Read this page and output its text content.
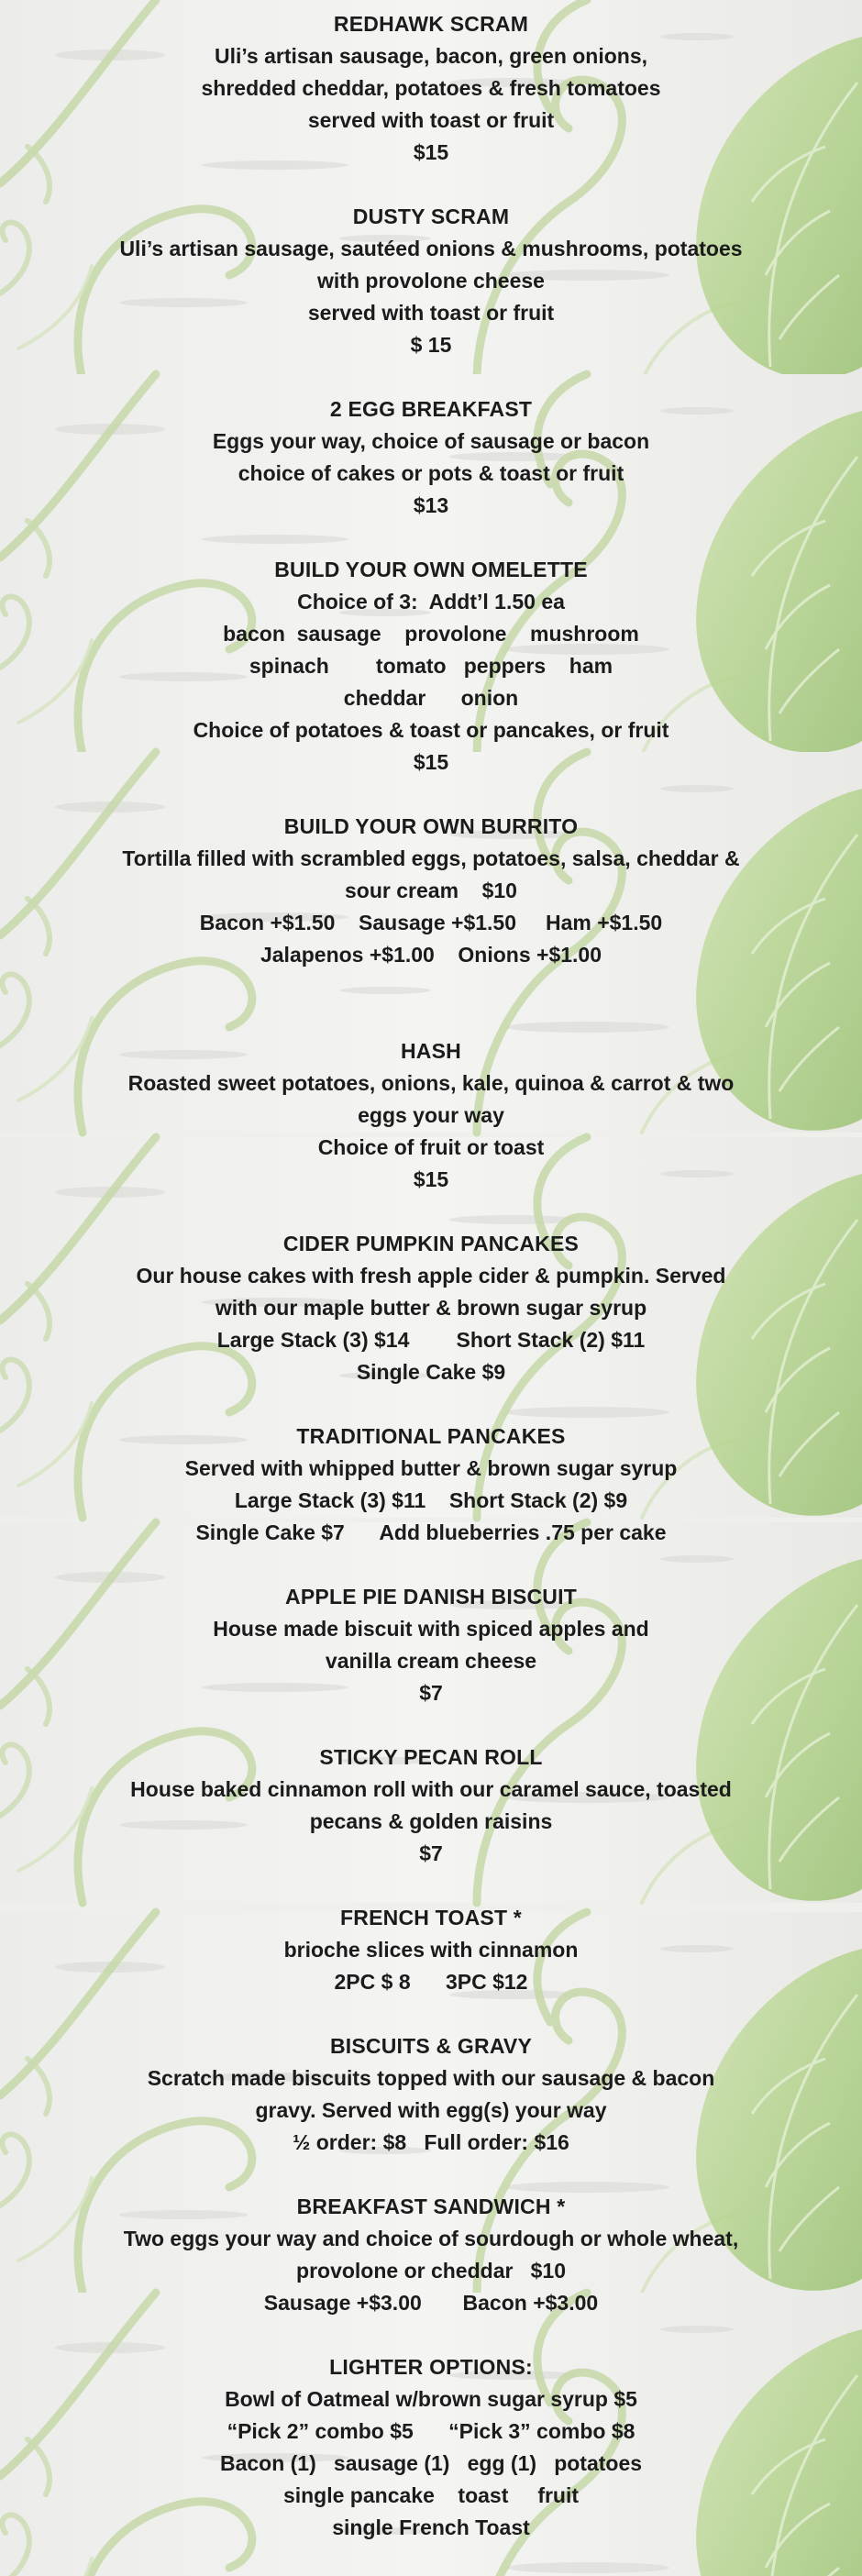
REDHAWK SCRAM
Uli’s artisan sausage, bacon, green onions,
shredded cheddar, potatoes & fresh tomatoes
served with toast or fruit
$15
DUSTY SCRAM
Uli’s artisan sausage, sautéed onions & mushrooms, potatoes
with provolone cheese
served with toast or fruit
$ 15
2 EGG BREAKFAST
Eggs your way, choice of sausage or bacon
choice of cakes or pots & toast or fruit
$13
BUILD YOUR OWN OMELETTE
Choice of 3:  Addt’l 1.50 ea
bacon  sausage    provolone    mushroom
spinach        tomato   peppers    ham
cheddar      onion
Choice of potatoes & toast or pancakes, or fruit
$15
BUILD YOUR OWN BURRITO
Tortilla filled with scrambled eggs, potatoes, salsa, cheddar &
sour cream    $10
Bacon +$1.50    Sausage +$1.50     Ham +$1.50
Jalapenos +$1.00    Onions +$1.00

HASH
Roasted sweet potatoes, onions, kale, quinoa & carrot & two
eggs your way
Choice of fruit or toast
$15
CIDER PUMPKIN PANCAKES
Our house cakes with fresh apple cider & pumpkin. Served
with our maple butter & brown sugar syrup
Large Stack (3) $14        Short Stack (2) $11
Single Cake $9
TRADITIONAL PANCAKES
Served with whipped butter & brown sugar syrup
Large Stack (3) $11    Short Stack (2) $9
Single Cake $7      Add blueberries .75 per cake
APPLE PIE DANISH BISCUIT
House made biscuit with spiced apples and
vanilla cream cheese
$7
STICKY PECAN ROLL
House baked cinnamon roll with our caramel sauce, toasted
pecans & golden raisins
$7
FRENCH TOAST *
brioche slices with cinnamon
2PC $ 8      3PC $12
BISCUITS & GRAVY
Scratch made biscuits topped with our sausage & bacon
gravy. Served with egg(s) your way
½ order: $8   Full order: $16
BREAKFAST SANDWICH *
Two eggs your way and choice of sourdough or whole wheat,
provolone or cheddar   $10
Sausage +$3.00       Bacon +$3.00
LIGHTER OPTIONS:
Bowl of Oatmeal w/brown sugar syrup $5
“Pick 2” combo $5      “Pick 3” combo $8
Bacon (1)   sausage (1)   egg (1)   potatoes
single pancake    toast     fruit
single French Toast
